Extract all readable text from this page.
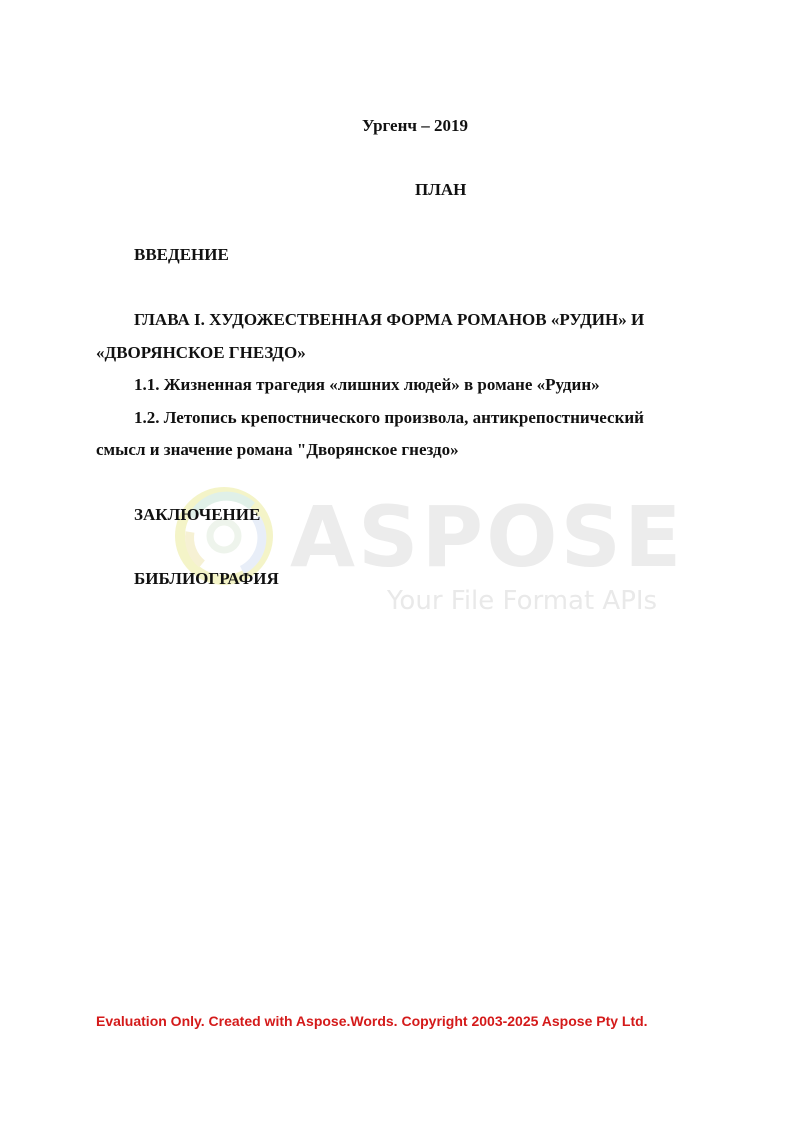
ASPOSE
Your File Format APIs
Ургенч – 2019
ПЛАН
ВВЕДЕНИЕ
ГЛАВА I. ХУДОЖЕСТВЕННАЯ ФОРМА РОМАНОВ «РУДИН» И
«ДВОРЯНСКОЕ ГНЕЗДО»
1.1. Жизненная трагедия «лишних людей» в романе «Рудин»
1.2. Летопись крепостнического произвола, антикрепостнический
смысл и значение романа "Дворянское гнездо»
ЗАКЛЮЧЕНИЕ
БИБЛИОГРАФИЯ
Evaluation Only. Created with Aspose.Words. Copyright 2003-2025 Aspose Pty Ltd.
